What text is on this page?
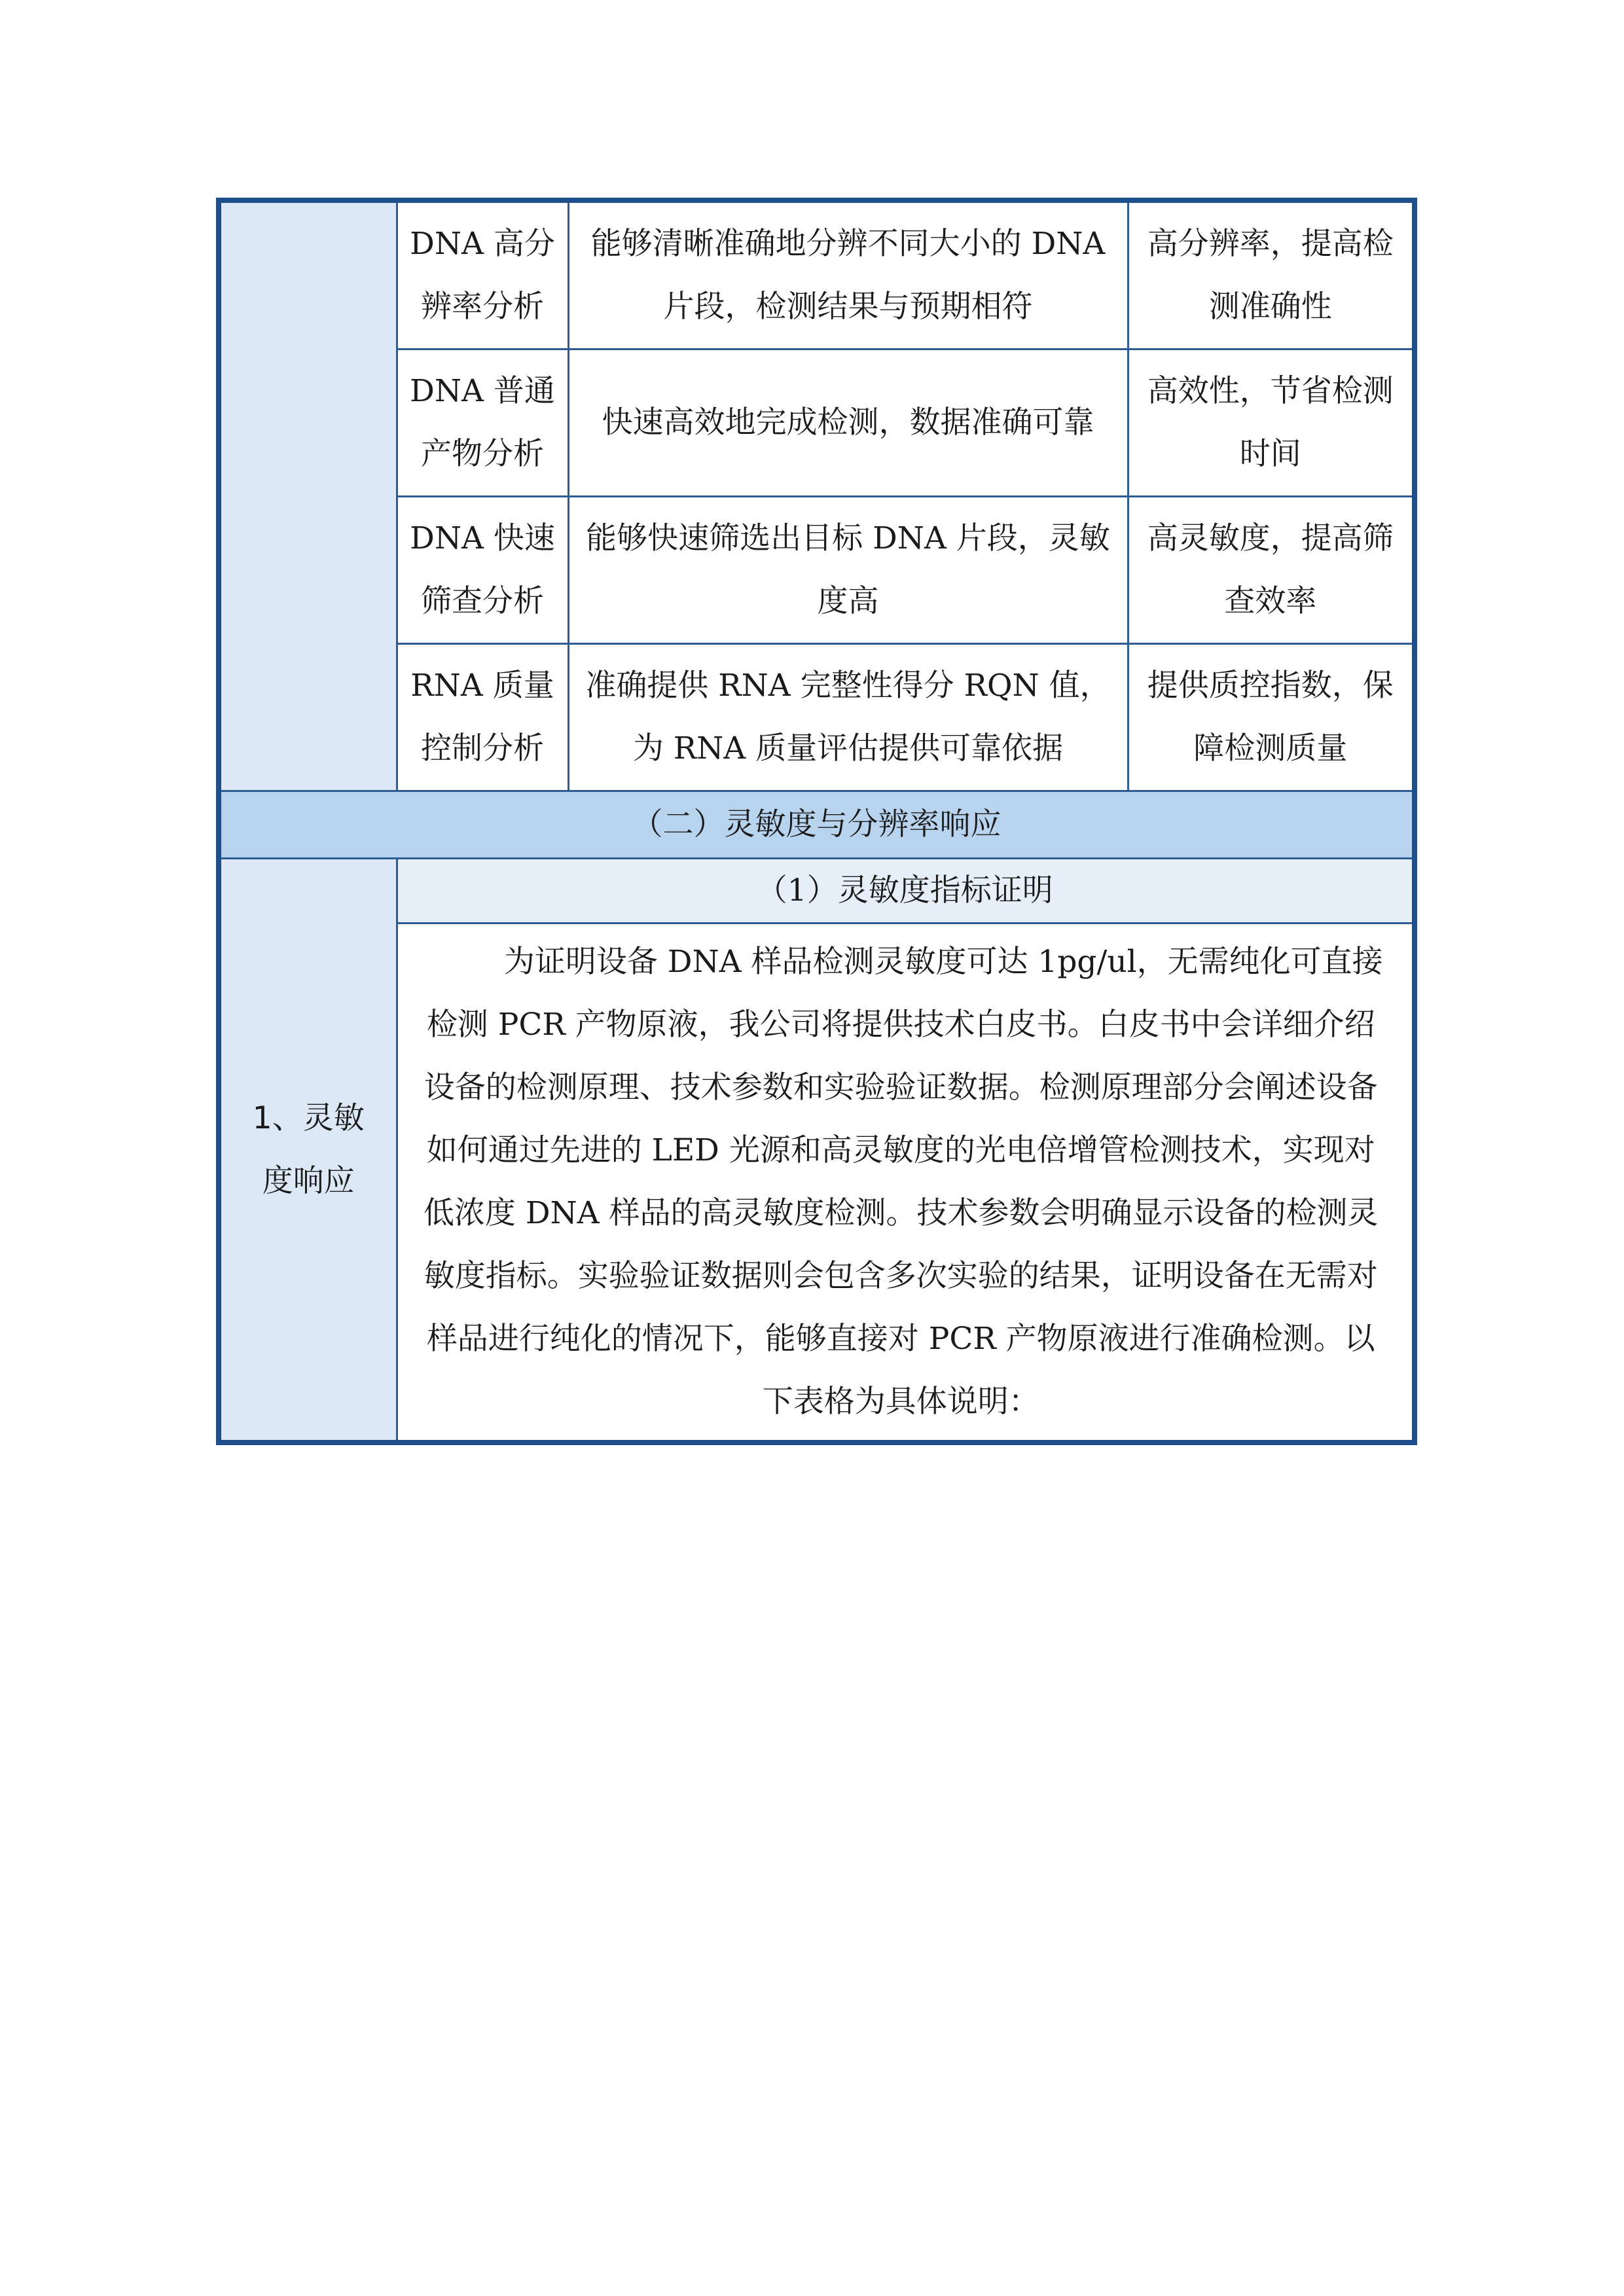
	DNA 高分辨率分析	能够清晰准确地分辨不同大小的 DNA 片段，检测结果与预期相符	高分辨率，提高检测准确性
	DNA 普通产物分析	快速高效地完成检测，数据准确可靠	高效性，节省检测时间
	DNA 快速筛查分析	能够快速筛选出目标 DNA 片段，灵敏度高	高灵敏度，提高筛查效率
	RNA 质量控制分析	准确提供 RNA 完整性得分 RQN 值，为 RNA 质量评估提供可靠依据	提供质控指数，保障检测质量
（二）灵敏度与分辨率响应			
1、灵敏度响应	（1）灵敏度指标证明		
	为证明设备 DNA 样品检测灵敏度可达 1pg/ul，无需纯化可直接检测 PCR 产物原液，我公司将提供技术白皮书。白皮书中会详细介绍设备的检测原理、技术参数和实验验证数据。检测原理部分会阐述设备如何通过先进的 LED 光源和高灵敏度的光电倍增管检测技术，实现对低浓度 DNA 样品的高灵敏度检测。技术参数会明确显示设备的检测灵敏度指标。实验验证数据则会包含多次实验的结果，证明设备在无需对样品进行纯化的情况下，能够直接对 PCR 产物原液进行准确检测。以下表格为具体说明：		
